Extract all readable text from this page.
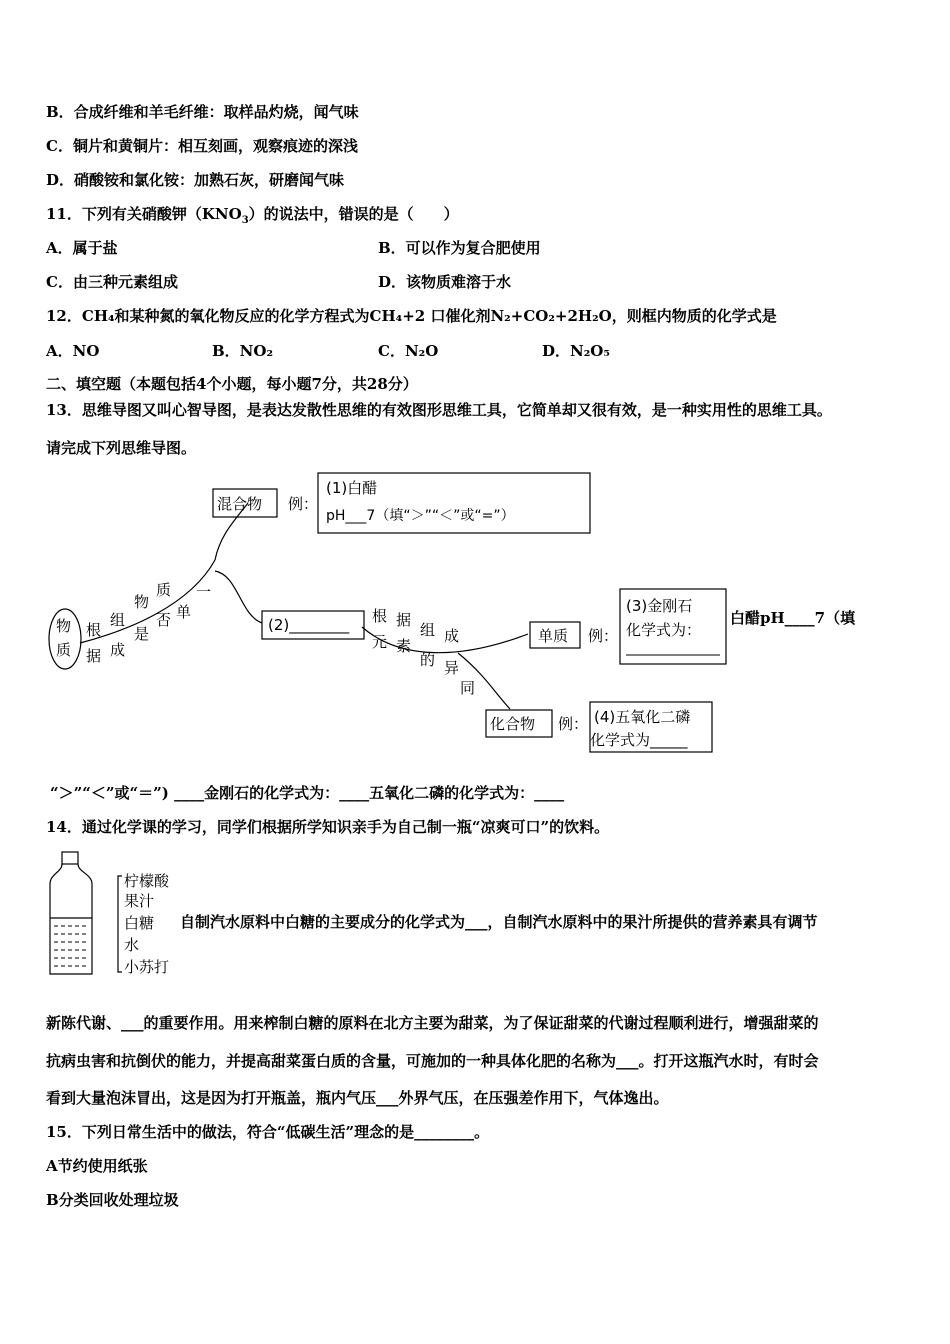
B．合成纤维和羊毛纤维：取样品灼烧，闻气味
C．铜片和黄铜片：相互刻画，观察痕迹的深浅
D．硝酸铵和氯化铵：加熟石灰，研磨闻气味
11．下列有关硝酸钾$(KNO_3)$的说法中，错误的是（　　）
A．属于盐	B．可以作为复合肥使用
C．由三种元素组成	D．该物质难溶于水
12．CH₄和某种氮的氧化物反应的化学方程式为CH₄+2 口催化剂N₂+CO₂+2H₂O，则框内物质的化学式是
A．NO	B．NO₂	C．N₂O	D．N₂O₅
二、填空题（本题包括4个小题，每小题7分，共28分）
13．思维导图又叫心智导图，是表达发散性思维的有效图形思维工具，它简单却又很有效，是一种实用性的思维工具。
请完成下列思维导图。
物
质
根
据
组
成
物
是
质
否 单
一
混合物 例：
(1)白醋
pH___7（填“＞”“＜”或“=”）
(2)________ 根
元
据
素
组
的
成
异
同
单质 例：
(3)金刚石
化学式为：
化合物 例： (4)五氧化二磷
化学式为_____
白醋pH____7（填
“＞”“＜”或“＝”) ____金刚石的化学式为：____五氧化二磷的化学式为：____
14．通过化学课的学习，同学们根据所学知识亲手为自己制一瓶“凉爽可口”的饮料。
柠檬酸
果汁
白糖
水
小苏打
自制汽水原料中白糖的主要成分的化学式为___，自制汽水原料中的果汁所提供的营养素具有调节
新陈代谢、___的重要作用。用来榨制白糖的原料在北方主要为甜菜，为了保证甜菜的代谢过程顺利进行，增强甜菜的
抗病虫害和抗倒伏的能力，并提高甜菜蛋白质的含量，可施加的一种具体化肥的名称为___。打开这瓶汽水时，有时会
看到大量泡沫冒出，这是因为打开瓶盖，瓶内气压___外界气压，在压强差作用下，气体逸出。
15．下列日常生活中的做法，符合“低碳生活”理念的是________。
A节约使用纸张
B分类回收处理垃圾
